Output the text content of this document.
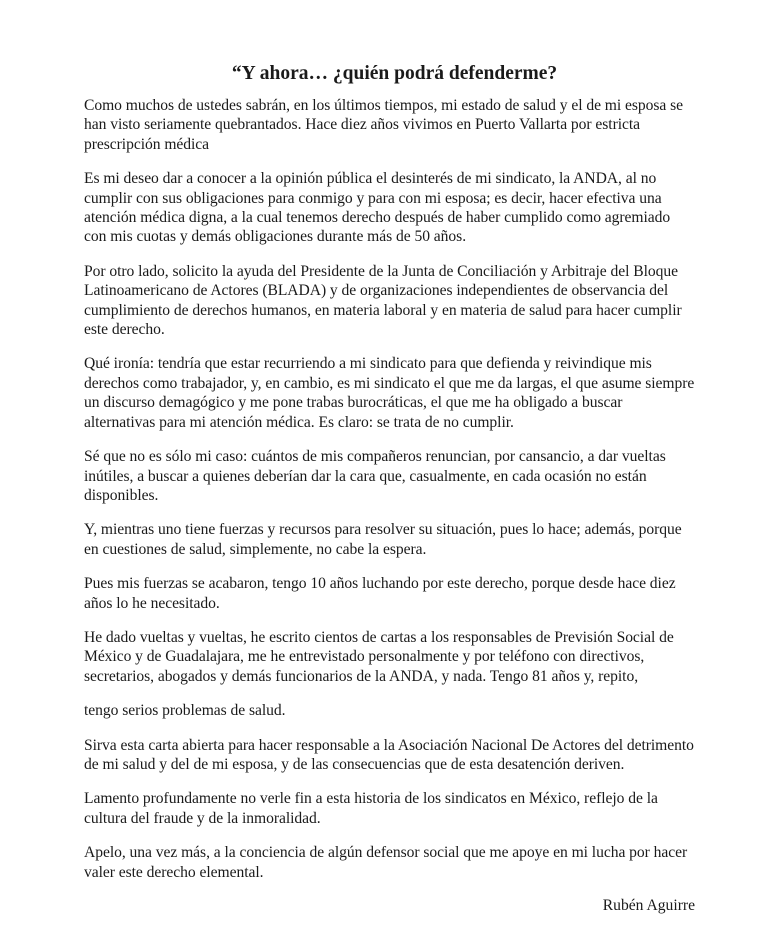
“Y ahora… ¿quién podrá defenderme?

Como muchos de ustedes sabrán, en los últimos tiempos, mi estado de salud y el de mi esposa se han visto seriamente quebrantados. Hace diez años vivimos en Puerto Vallarta por estricta prescripción médica

Es mi deseo dar a conocer a la opinión pública el desinterés de mi sindicato, la ANDA, al no cumplir con sus obligaciones para conmigo y para con mi esposa; es decir, hacer efectiva una atención médica digna, a la cual tenemos derecho después de haber cumplido como agremiado con mis cuotas y demás obligaciones durante más de 50 años.

Por otro lado, solicito la ayuda del Presidente de la Junta de Conciliación y Arbitraje del Bloque Latinoamericano de Actores (BLADA) y de organizaciones independientes de observancia del cumplimiento de derechos humanos, en materia laboral y en materia de salud para hacer cumplir este derecho.

Qué ironía: tendría que estar recurriendo a mi sindicato para que defienda y reivindique mis derechos como trabajador, y, en cambio, es mi sindicato el que me da largas, el que asume siempre un discurso demagógico y me pone trabas burocráticas, el que me ha obligado a buscar alternativas para mi atención médica. Es claro: se trata de no cumplir.

Sé que no es sólo mi caso: cuántos de mis compañeros renuncian, por cansancio, a dar vueltas inútiles, a buscar a quienes deberían dar la cara que, casualmente, en cada ocasión no están disponibles.

Y, mientras uno tiene fuerzas y recursos para resolver su situación, pues lo hace; además, porque en cuestiones de salud, simplemente, no cabe la espera.

Pues mis fuerzas se acabaron, tengo 10 años luchando por este derecho, porque desde hace diez años lo he necesitado.

He dado vueltas y vueltas, he escrito cientos de cartas a los responsables de Previsión Social de México y de Guadalajara, me he entrevistado personalmente y por teléfono con directivos, secretarios, abogados y demás funcionarios de la ANDA, y nada. Tengo 81 años y, repito,

tengo serios problemas de salud.

Sirva esta carta abierta para hacer responsable a la Asociación Nacional De Actores del detrimento de mi salud y del de mi esposa, y de las consecuencias que de esta desatención deriven.

Lamento profundamente no verle fin a esta historia de los sindicatos en México, reflejo de la cultura del fraude y de la inmoralidad.

Apelo, una vez más, a la conciencia de algún defensor social que me apoye en mi lucha por hacer valer este derecho elemental.

Rubén Aguirre
